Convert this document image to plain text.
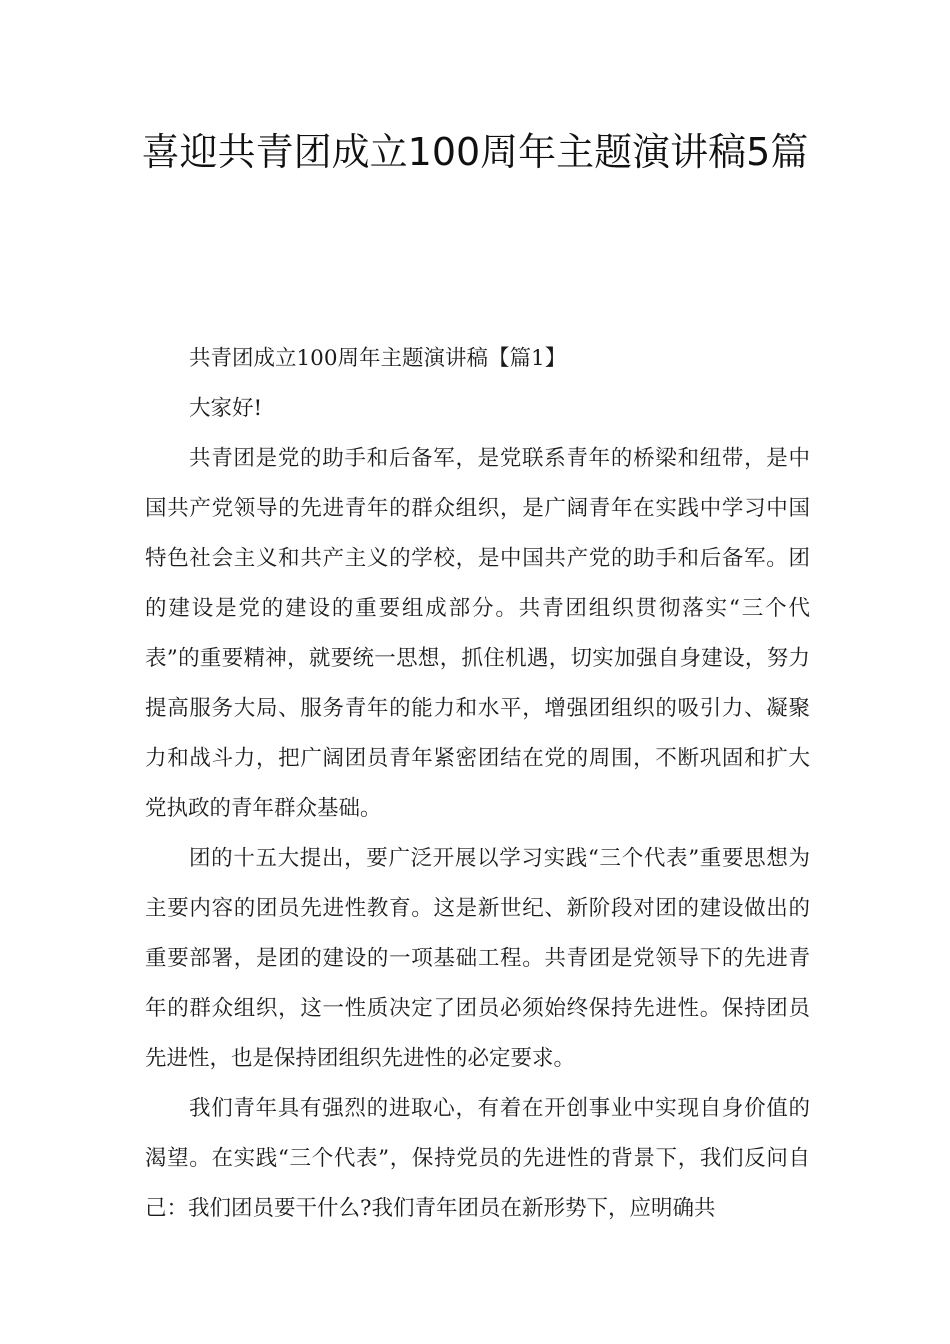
喜迎共青团成立100周年主题演讲稿5篇

共青团成立100周年主题演讲稿【篇1】

大家好!

共青团是党的助手和后备军，是党联系青年的桥梁和纽带，是中国共产党领导的先进青年的群众组织，是广阔青年在实践中学习中国特色社会主义和共产主义的学校，是中国共产党的助手和后备军。团的建设是党的建设的重要组成部分。共青团组织贯彻落实“三个代表”的重要精神，就要统一思想，抓住机遇，切实加强自身建设，努力提高服务大局、服务青年的能力和水平，增强团组织的吸引力、凝聚力和战斗力，把广阔团员青年紧密团结在党的周围，不断巩固和扩大党执政的青年群众基础。

团的十五大提出，要广泛开展以学习实践“三个代表”重要思想为主要内容的团员先进性教育。这是新世纪、新阶段对团的建设做出的重要部署，是团的建设的一项基础工程。共青团是党领导下的先进青年的群众组织，这一性质决定了团员必须始终保持先进性。保持团员先进性，也是保持团组织先进性的必定要求。

我们青年具有强烈的进取心，有着在开创事业中实现自身价值的渴望。在实践“三个代表”，保持党员的先进性的背景下，我们反问自己：我们团员要干什么?我们青年团员在新形势下，应明确共
